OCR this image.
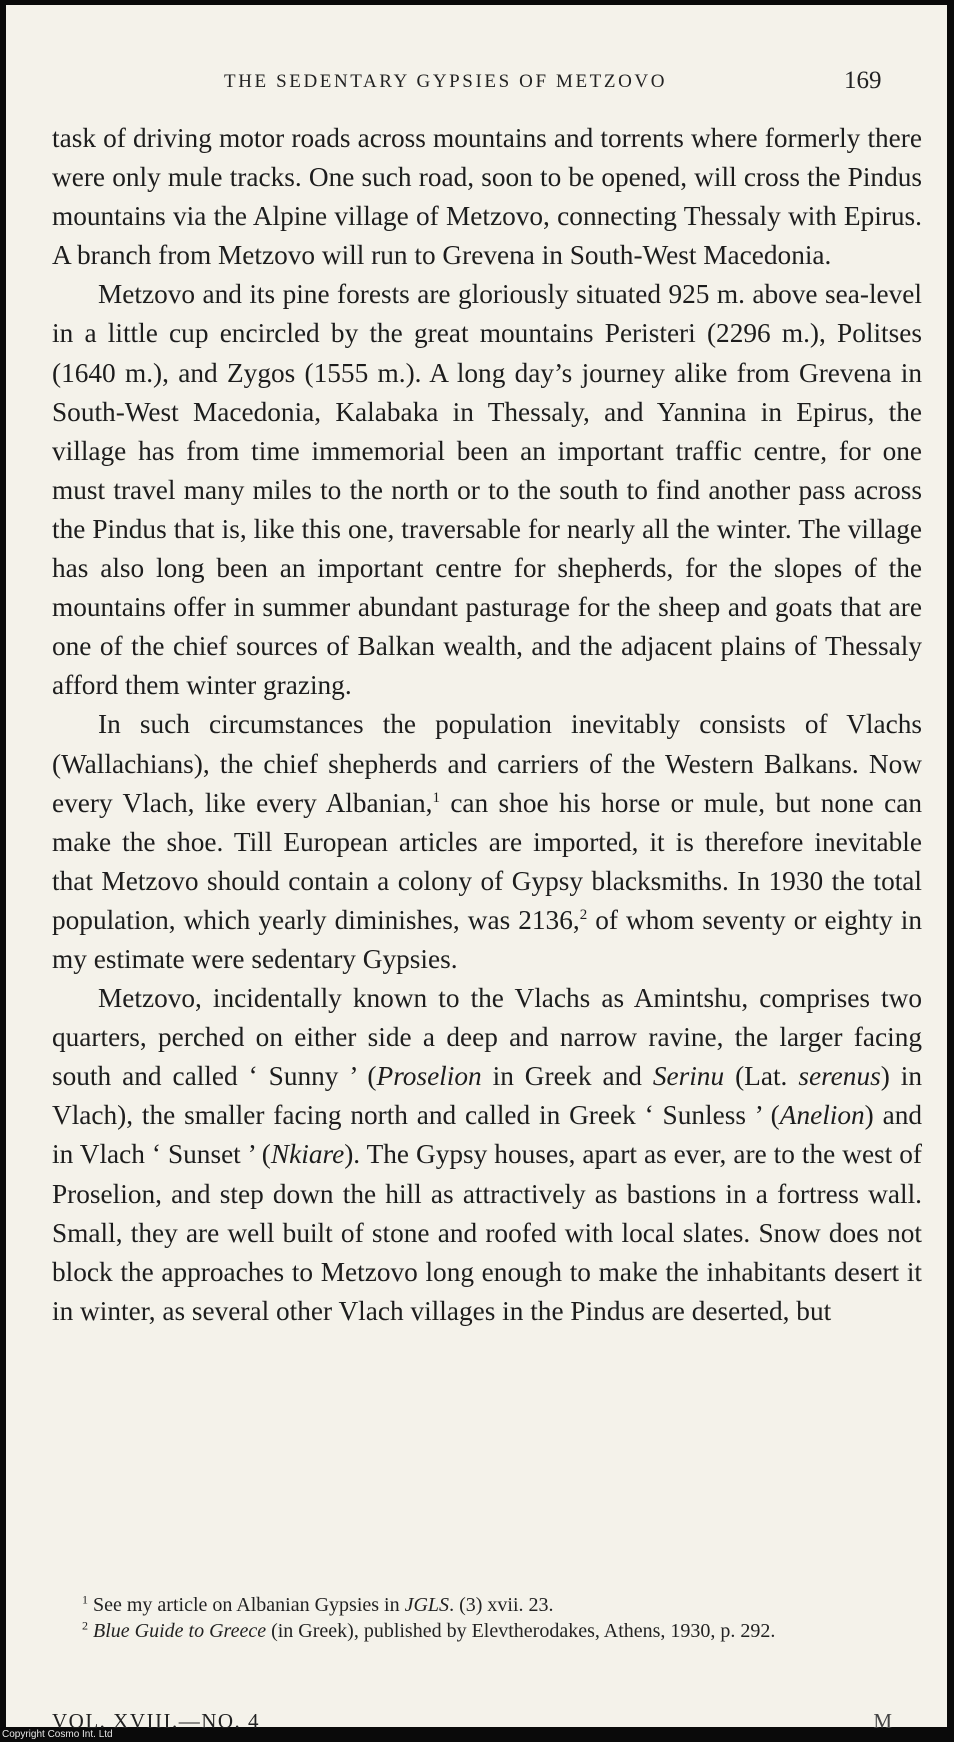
THE SEDENTARY GYPSIES OF METZOVO	169

task of driving motor roads across mountains and torrents where formerly there were only mule tracks. One such road, soon to be opened, will cross the Pindus mountains via the Alpine village of Metzovo, connecting Thessaly with Epirus. A branch from Metzovo will run to Grevena in South-West Macedonia.

Metzovo and its pine forests are gloriously situated 925 m. above sea-level in a little cup encircled by the great mountains Peristeri (2296 m.), Politses (1640 m.), and Zygos (1555 m.). A long day’s journey alike from Grevena in South-West Macedonia, Kalabaka in Thessaly, and Yannina in Epirus, the village has from time immemorial been an important traffic centre, for one must travel many miles to the north or to the south to find another pass across the Pindus that is, like this one, traversable for nearly all the winter. The village has also long been an important centre for shepherds, for the slopes of the mountains offer in summer abundant pasturage for the sheep and goats that are one of the chief sources of Balkan wealth, and the adjacent plains of Thessaly afford them winter grazing.

In such circumstances the population inevitably consists of Vlachs (Wallachians), the chief shepherds and carriers of the Western Balkans. Now every Vlach, like every Albanian,$^1$ can shoe his horse or mule, but none can make the shoe. Till European articles are imported, it is therefore inevitable that Metzovo should contain a colony of Gypsy blacksmiths. In 1930 the total population, which yearly diminishes, was 2136,$^2$ of whom seventy or eighty in my estimate were sedentary Gypsies.

Metzovo, incidentally known to the Vlachs as Amintshu, comprises two quarters, perched on either side a deep and narrow ravine, the larger facing south and called ‘ Sunny ’ (Proselion in Greek and Serinu (Lat. serenus) in Vlach), the smaller facing north and called in Greek ‘ Sunless ’ (Anelion) and in Vlach ‘ Sunset ’ (Nkiare). The Gypsy houses, apart as ever, are to the west of Proselion, and step down the hill as attractively as bastions in a fortress wall. Small, they are well built of stone and roofed with local slates. Snow does not block the approaches to Metzovo long enough to make the inhabitants desert it in winter, as several other Vlach villages in the Pindus are deserted, but

$^1$ See my article on Albanian Gypsies in JGLS. (3) xvii. 23.

$^2$ Blue Guide to Greece (in Greek), published by Elevtherodakes, Athens, 1930, p. 292.

VOL. XVIII.—NO. 4	M
Copyright Cosmo Int. Ltd
